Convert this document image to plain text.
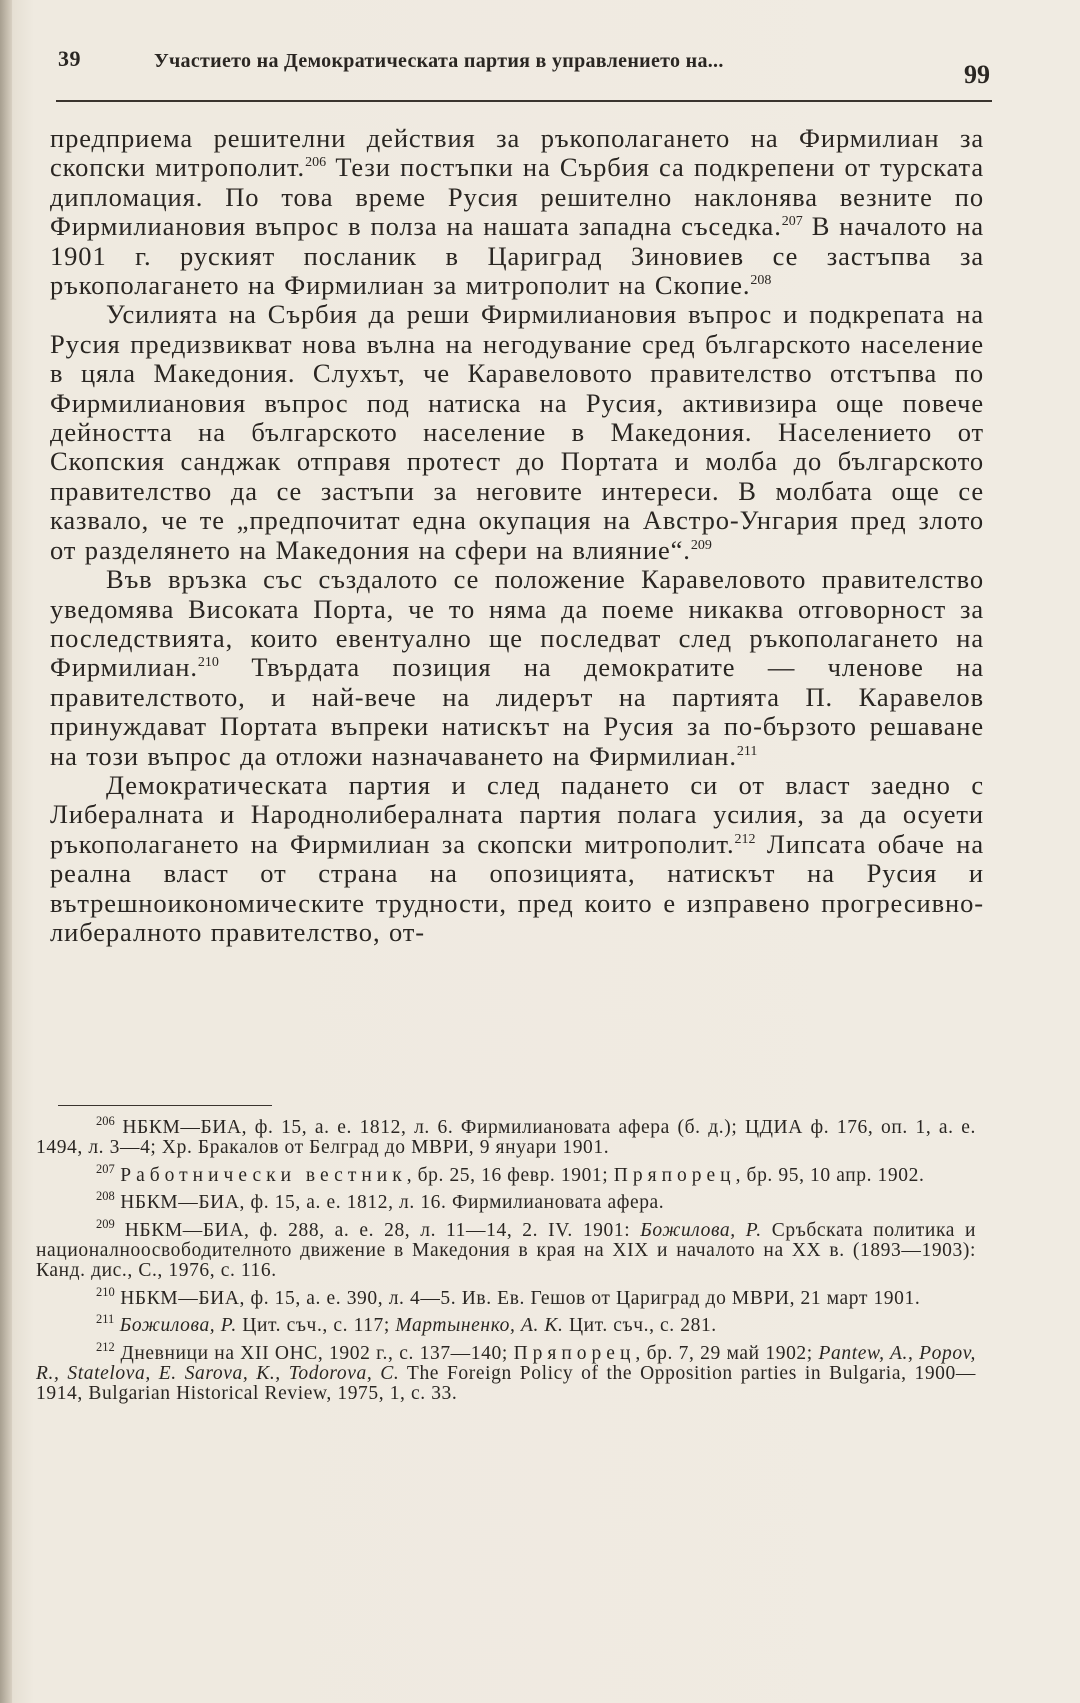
39	Участието на Демократическата партия в управлението на...	99

предприема решителни действия за ръкополагането на Фирмилиан за скопски митрополит.$^{206}$ Тези постъпки на Сърбия са подкрепени от турската дипломация. По това време Русия решително наклонява везните по Фирмилиановия въпрос в полза на нашата западна съседка.$^{207}$ В началото на 1901 г. руският посланик в Цариград Зиновиев се застъпва за ръкополагането на Фирмилиан за митрополит на Скопие.$^{208}$

Усилията на Сърбия да реши Фирмилиановия въпрос и подкрепата на Русия предизвикват нова вълна на негодувание сред българското население в цяла Македония. Слухът, че Каравеловото правителство отстъпва по Фирмилиановия въпрос под натиска на Русия, активизира още повече дейността на българското население в Македония. Населението от Скопския санджак отправя протест до Портата и молба до българското правителство да се застъпи за неговите интереси. В молбата още се казвало, че те „предпочитат една окупация на Австро-Унгария пред злото от разделянето на Македония на сфери на влияние“.$^{209}$

Във връзка със създалото се положение Каравеловото правителство уведомява Високата Порта, че то няма да поеме никаква отговорност за последствията, които евентуално ще последват след ръкополагането на Фирмилиан.$^{210}$ Твърдата позиция на демократите — членове на правителството, и най-вече на лидерът на партията П. Каравелов принуждават Портата въпреки натискът на Русия за по-бързото решаване на този въпрос да отложи назначаването на Фирмилиан.$^{211}$

Демократическата партия и след падането си от власт заедно с Либералната и Народнолибералната партия полага усилия, за да осуети ръкополагането на Фирмилиан за скопски митрополит.$^{212}$ Липсата обаче на реална власт от страна на опозицията, натискът на Русия и вътрешноикономическите трудности, пред които е изправено прогресивно-либералното правителство, от-

$^{206}$ НБКМ—БИА, ф. 15, а. е. 1812, л. 6. Фирмилиановата афера (б. д.); ЦДИА ф. 176, оп. 1, а. е. 1494, л. 3—4; Хр. Бракалов от Белград до МВРИ, 9 януари 1901.

$^{207}$ Работнически вестник, бр. 25, 16 февр. 1901; Пряпорец, бр. 95, 10 апр. 1902.

$^{208}$ НБКМ—БИА, ф. 15, а. е. 1812, л. 16. Фирмилиановата афера.

$^{209}$ НБКМ—БИА, ф. 288, а. е. 28, л. 11—14, 2. IV. 1901: Божилова, Р. Сръбската политика и националноосвободителното движение в Македония в края на XIX и началото на XX в. (1893—1903): Канд. дис., С., 1976, с. 116.

$^{210}$ НБКМ—БИА, ф. 15, а. е. 390, л. 4—5. Ив. Ев. Гешов от Цариград до МВРИ, 21 март 1901.

$^{211}$ Божилова, Р. Цит. съч., с. 117; Мартыненко, А. К. Цит. съч., с. 281.

$^{212}$ Дневници на XII ОНС, 1902 г., с. 137—140; Пряпорец, бр. 7, 29 май 1902; Pantew, A., Popov, R., Statelova, E. Sarova, K., Todorova, C. The Foreign Policy of the Opposition parties in Bulgaria, 1900—1914, Bulgarian Historical Review, 1975, 1, с. 33.
